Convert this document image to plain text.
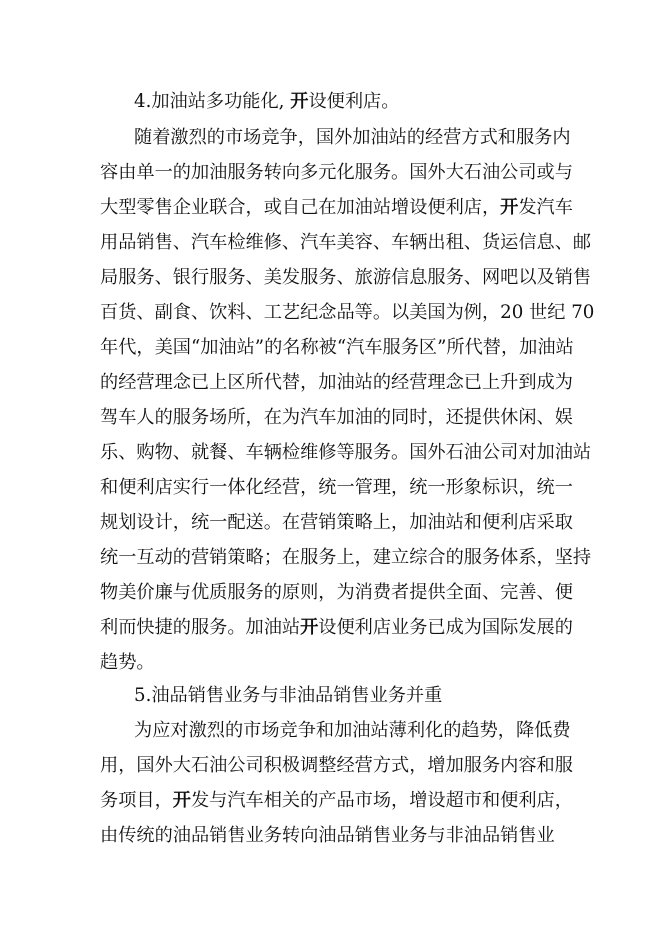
4.加油站多功能化, 开设便利店。

随着激烈的市场竞争，国外加油站的经营方式和服务内

容由单一的加油服务转向多元化服务。国外大石油公司或与

大型零售企业联合，或自己在加油站增设便利店，开发汽车

用品销售、汽车检维修、汽车美容、车辆出租、货运信息、邮

局服务、银行服务、美发服务、旅游信息服务、网吧以及销售

百货、副食、饮料、工艺纪念品等。以美国为例，20 世纪 70

年代，美国“加油站”的名称被“汽车服务区”所代替，加油站

的经营理念已上区所代替，加油站的经营理念已上升到成为

驾车人的服务场所，在为汽车加油的同时，还提供休闲、娱

乐、购物、就餐、车辆检维修等服务。国外石油公司对加油站

和便利店实行一体化经营，统一管理，统一形象标识，统一

规划设计，统一配送。在营销策略上，加油站和便利店采取

统一互动的营销策略；在服务上，建立综合的服务体系，坚持

物美价廉与优质服务的原则，为消费者提供全面、完善、便

利而快捷的服务。加油站开设便利店业务已成为国际发展的

趋势。

5.油品销售业务与非油品销售业务并重

为应对激烈的市场竞争和加油站薄利化的趋势，降低费

用，国外大石油公司积极调整经营方式，增加服务内容和服

务项目，开发与汽车相关的产品市场，增设超市和便利店，

由传统的油品销售业务转向油品销售业务与非油品销售业
